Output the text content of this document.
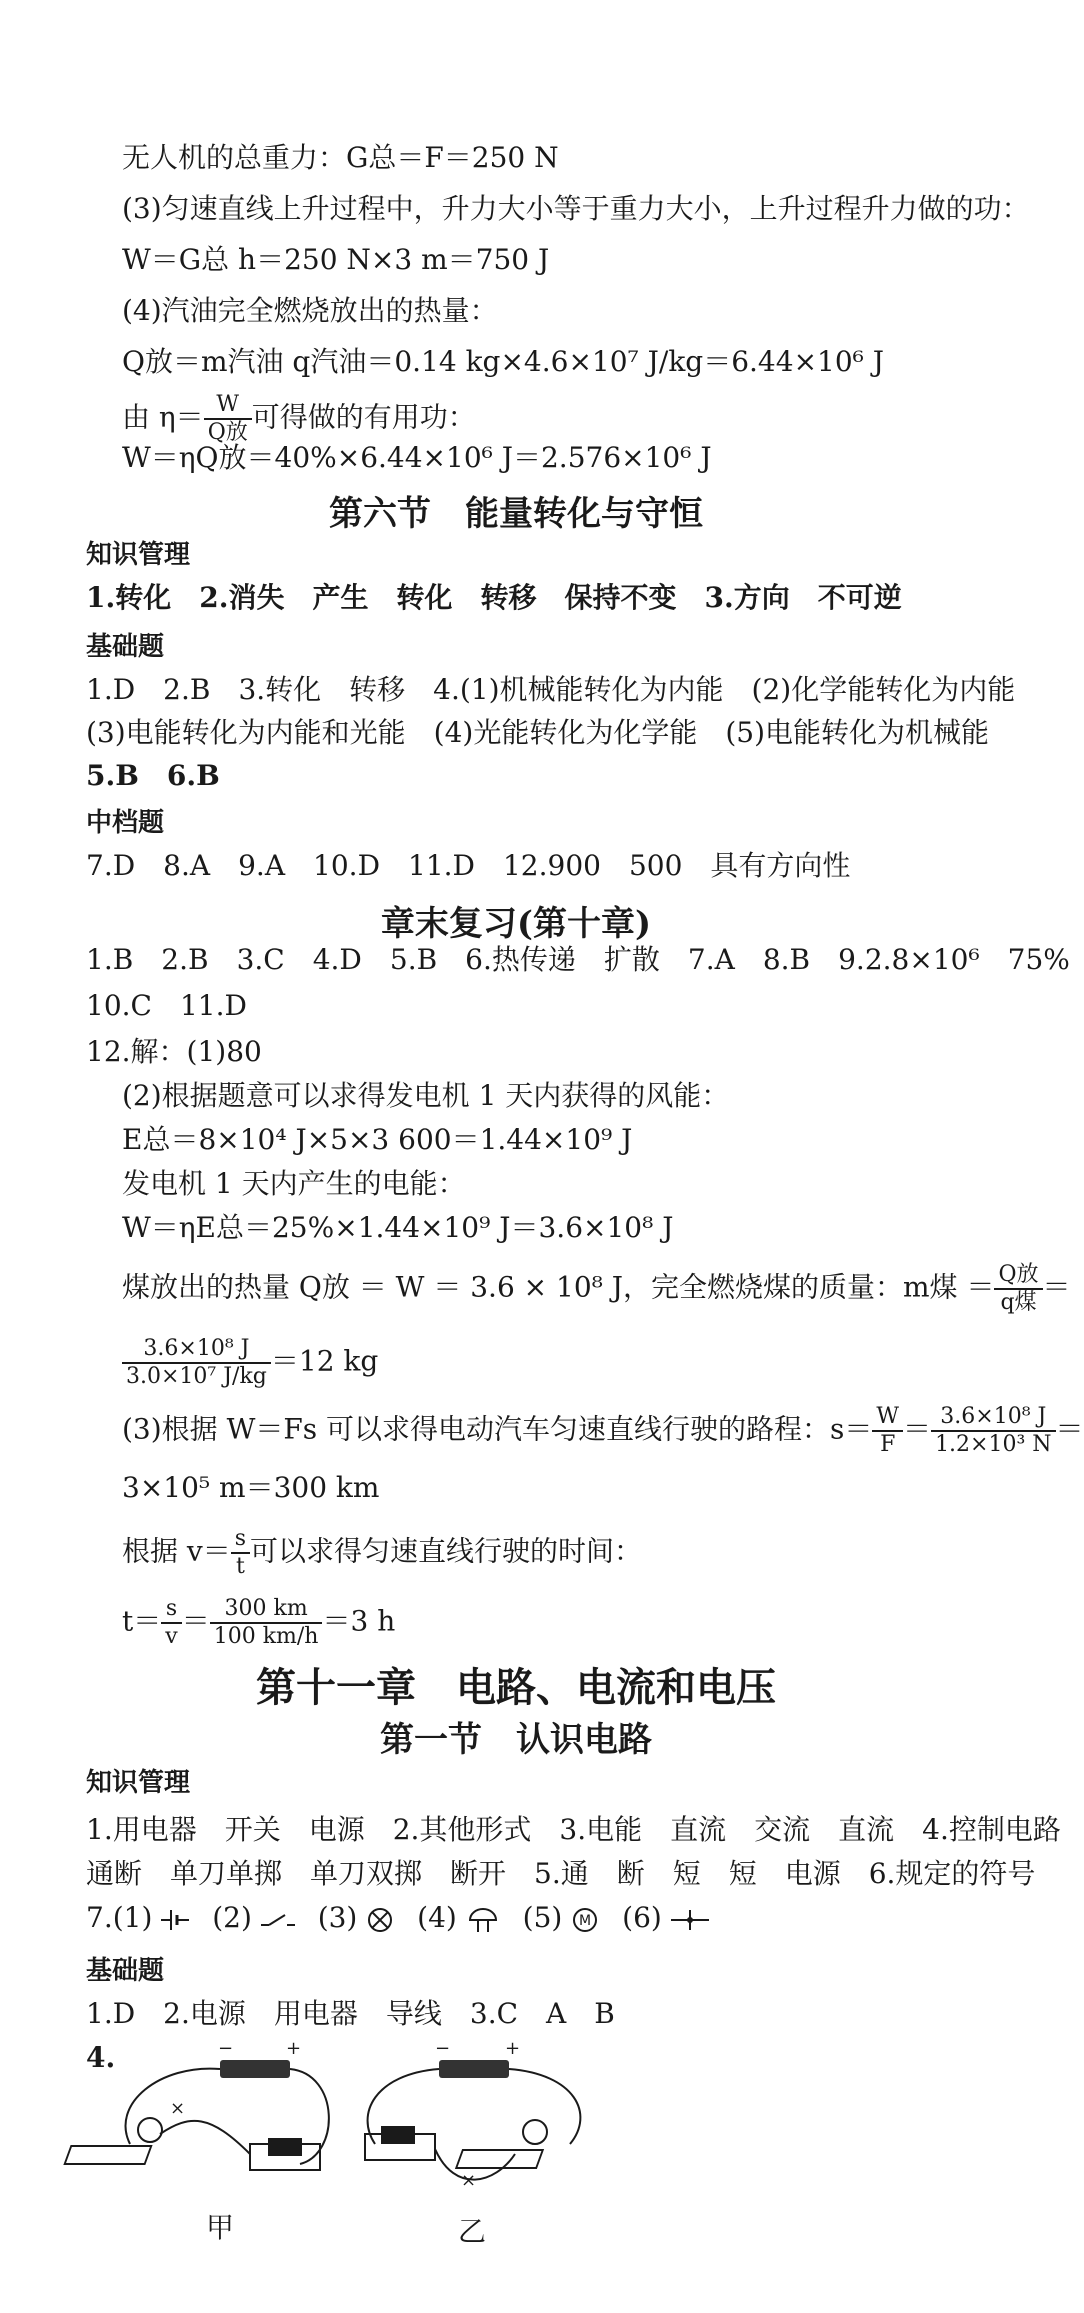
无人机的总重力：G总＝F＝250 N
(3)匀速直线上升过程中，升力大小等于重力大小，上升过程升力做的功：
W＝G总 h＝250 N×3 m＝750 J
(4)汽油完全燃烧放出的热量：
Q放＝m汽油 q汽油＝0.14 kg×4.6×10⁷ J/kg＝6.44×10⁶ J
由 $\eta= \frac{W}{\text{Q放}}$ 可得做的有用功：
W＝ηQ放＝40%×6.44×10⁶ J＝2.576×10⁶ J
第六节　能量转化与守恒
知识管理
1.转化　2.消失　产生　转化　转移　保持不变　3.方向　不可逆
基础题
1.D　2.B　3.转化　转移　4.(1)机械能转化为内能　(2)化学能转化为内能
(3)电能转化为内能和光能　(4)光能转化为化学能　(5)电能转化为机械能
5.B　6.B
中档题
7.D　8.A　9.A　10.D　11.D　12.900　500　具有方向性
章末复习(第十章)
1.B　2.B　3.C　4.D　5.B　6.热传递　扩散　7.A　8.B　9.2.8×10⁶　75%
10.C　11.D
12.解：(1)80
(2)根据题意可以求得发电机 1 天内获得的风能：
E总＝8×10⁴ J×5×3 600＝1.44×10⁹ J
发电机 1 天内产生的电能：
W＝ηE总＝25%×1.44×10⁹ J＝3.6×10⁸ J
煤放出的热量 Q放 ＝ W ＝ 3.6 × 10⁸ J，完全燃烧煤的质量：m煤 ＝ $\frac{\text{Q放}}{\text{q煤}}$ ＝
$\frac{\text{3.6×10⁸ J}}{\text{3.0×10⁷ J/kg}} =12$ kg
(3)根据 W＝Fs 可以求得电动汽车匀速直线行驶的路程：$s= \frac{W}{F} = \frac{\text{3.6×10⁸ J}}{\text{1.2×10³ N}}$ ＝
3×10⁵ m＝300 km
根据 $v= \frac{s}{t}$ 可以求得匀速直线行驶的时间：
$t= \frac{s}{v} = \frac{300 km}{100 km/h} =3$ h
第十一章　电路、电流和电压
第一节　认识电路
知识管理
1.用电器　开关　电源　2.其他形式　3.电能　直流　交流　直流　4.控制电路
通断　单刀单掷　单刀双掷　断开　5.通　断　短　短　电源　6.规定的符号
7.(1) (2) (3) (4) (5) M (6)
基础题
1.D　2.电源　用电器　导线　3.C　A　B
4.	−	+
×
甲
−	+
×
乙
